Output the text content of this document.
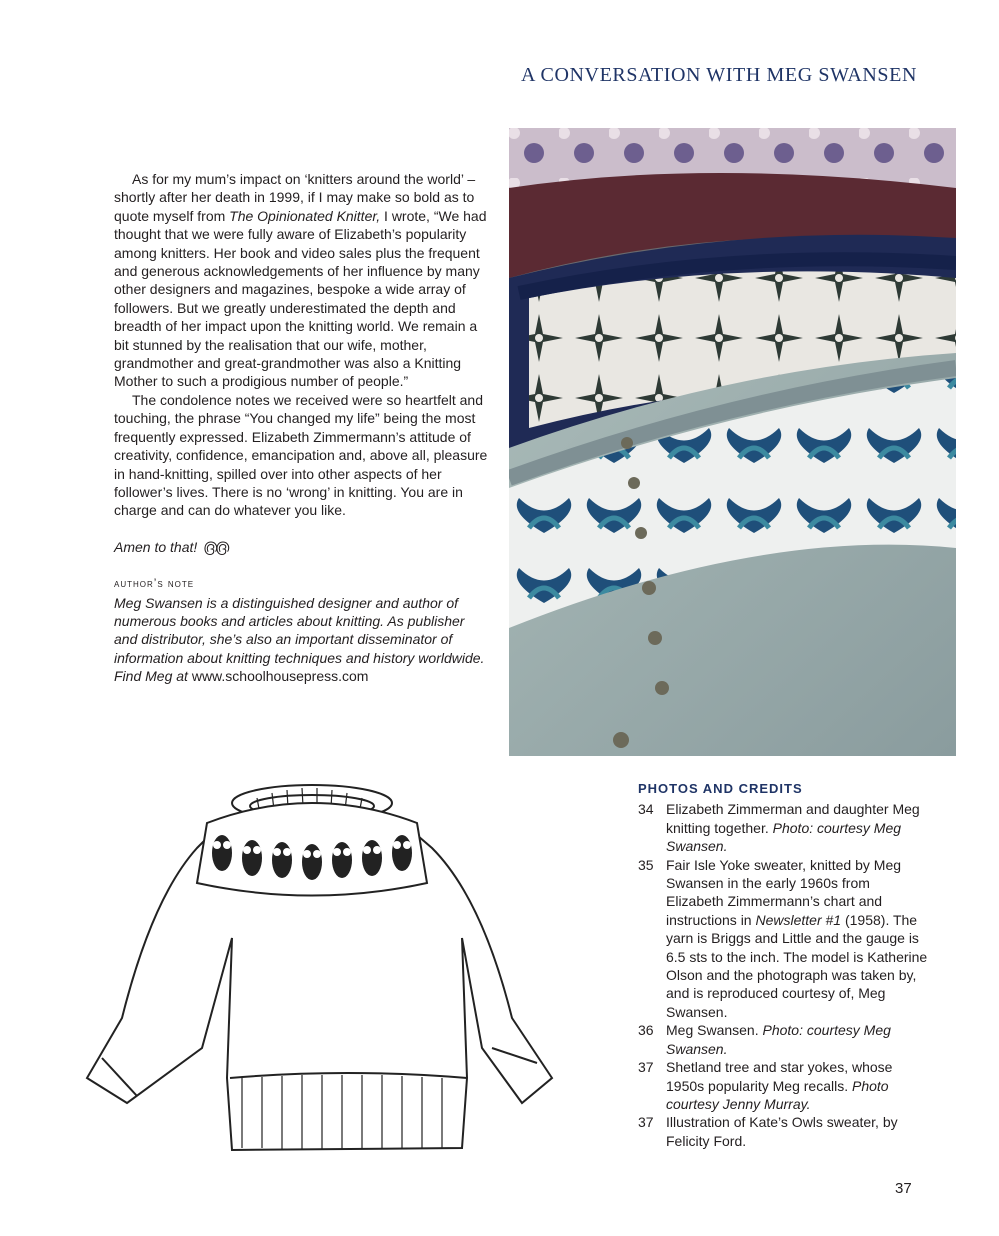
A CONVERSATION WITH MEG SWANSEN

As for my mum’s impact on ‘knitters around the world’ – shortly after her death in 1999, if I may make so bold as to quote myself from The Opinionated Knitter, I wrote, “We had thought that we were fully aware of Elizabeth’s popularity among knitters. Her book and video sales plus the frequent and generous acknowledgements of her influence by many other designers and magazines, bespoke a wide array of followers. But we greatly underestimated the depth and breadth of her impact upon the knitting world. We remain a bit stunned by the realisation that our wife, mother, grandmother and great-grandmother was also a Knitting Mother to such a prodigious number of people.”

The condolence notes we received were so heartfelt and touching, the phrase “You changed my life” being the most frequently expressed. Elizabeth Zimmermann’s attitude of creativity, confidence, emancipation and, above all, pleasure in hand-knitting, spilled over into other aspects of her follower’s lives. There is no ‘wrong’ in knitting. You are in charge and can do whatever you like.

Amen to that! ൫൫

author’s note

Meg Swansen is a distinguished designer and author of numerous books and articles about knitting. As publisher and distributor, she’s also an important disseminator of information about knitting techniques and history worldwide.

Find Meg at www.schoolhousepress.com

PHOTOS AND CREDITS

34 Elizabeth Zimmerman and daughter Meg knitting together. Photo: courtesy Meg Swansen.

35 Fair Isle Yoke sweater, knitted by Meg Swansen in the early 1960s from Elizabeth Zimmermann’s chart and instructions in Newsletter #1 (1958). The yarn is Briggs and Little and the gauge is 6.5 sts to the inch. The model is Katherine Olson and the photograph was taken by, and is reproduced courtesy of, Meg Swansen.

36 Meg Swansen. Photo: courtesy Meg Swansen.

37 Shetland tree and star yokes, whose 1950s popularity Meg recalls. Photo courtesy Jenny Murray.

37 Illustration of Kate’s Owls sweater, by Felicity Ford.

37
